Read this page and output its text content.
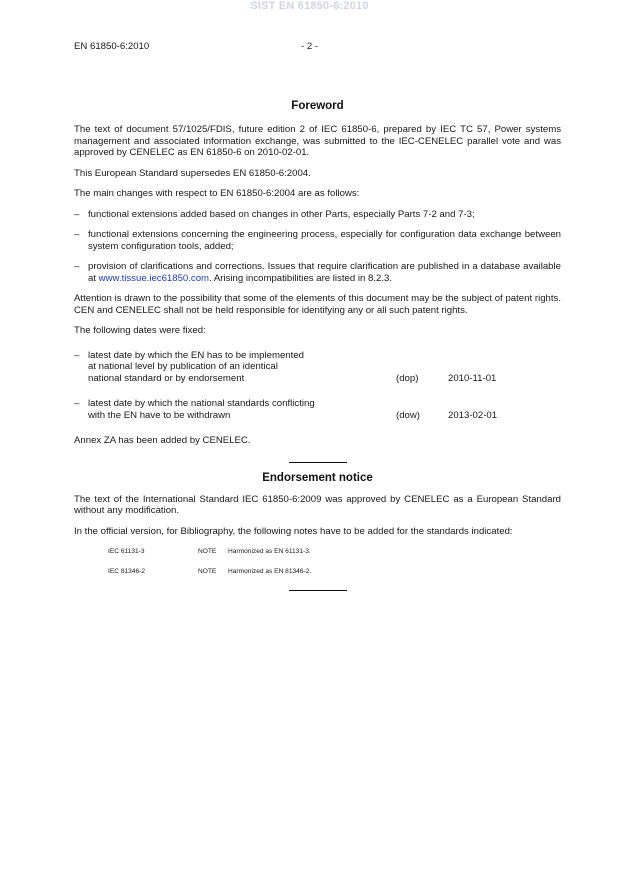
SIST EN 61850-6:2010
EN 61850-6:2010	- 2 -
Foreword

The text of document 57/1025/FDIS, future edition 2 of IEC 61850-6, prepared by IEC TC 57, Power systems management and associated information exchange, was submitted to the IEC-CENELEC parallel vote and was approved by CENELEC as EN 61850-6 on 2010-02-01.

This European Standard supersedes EN 61850-6:2004.

The main changes with respect to EN 61850-6:2004 are as follows:

– functional extensions added based on changes in other Parts, especially Parts 7-2 and 7-3;
– functional extensions concerning the engineering process, especially for configuration data exchange between system configuration tools, added;
– provision of clarifications and corrections. Issues that require clarification are published in a database available at www.tissue.iec61850.com. Arising incompatibilities are listed in 8.2.3.

Attention is drawn to the possibility that some of the elements of this document may be the subject of patent rights. CEN and CENELEC shall not be held responsible for identifying any or all such patent rights.

The following dates were fixed:

– latest date by which the EN has to be implemented
at national level by publication of an identical
national standard or by endorsement	(dop)	2010-11-01
– latest date by which the national standards conflicting
with the EN have to be withdrawn	(dow)	2013-02-01

Annex ZA has been added by CENELEC.

Endorsement notice

The text of the International Standard IEC 61850-6:2009 was approved by CENELEC as a European Standard without any modification.

In the official version, for Bibliography, the following notes have to be added for the standards indicated:

IEC 61131-3	NOTE Harmonized as EN 61131-3.
IEC 81346-2	NOTE Harmonized as EN 81346-2.
